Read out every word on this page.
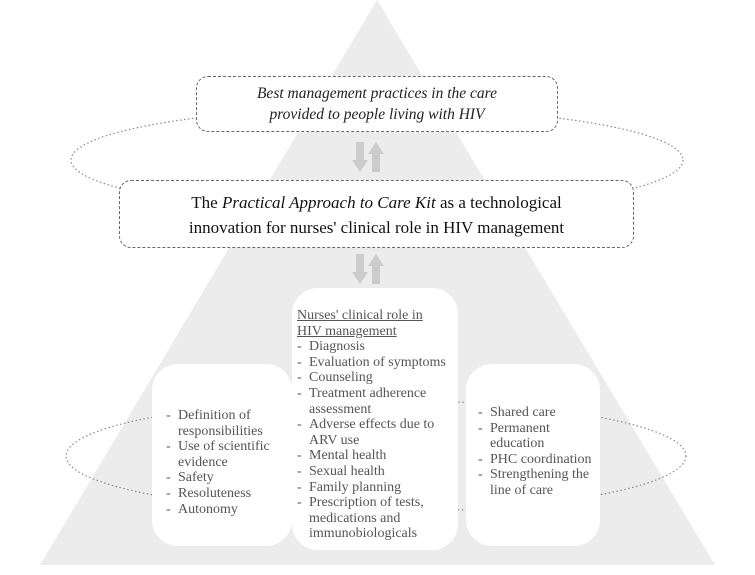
Best management practices in the care
provided to people living with HIV
The Practical Approach to Care Kit as a technological
innovation for nurses' clinical role in HIV management
- Definition of responsibilities
- Use of scientific evidence
- Safety
- Resoluteness
- Autonomy
- Shared care
- Permanent education
- PHC coordination
- Strengthening the line of care
Nurses' clinical role in
HIV management
- Diagnosis
- Evaluation of symptoms
- Counseling
- Treatment adherence assessment
- Adverse effects due to ARV use
- Mental health
- Sexual health
- Family planning
- Prescription of tests, medications and immunobiologicals
